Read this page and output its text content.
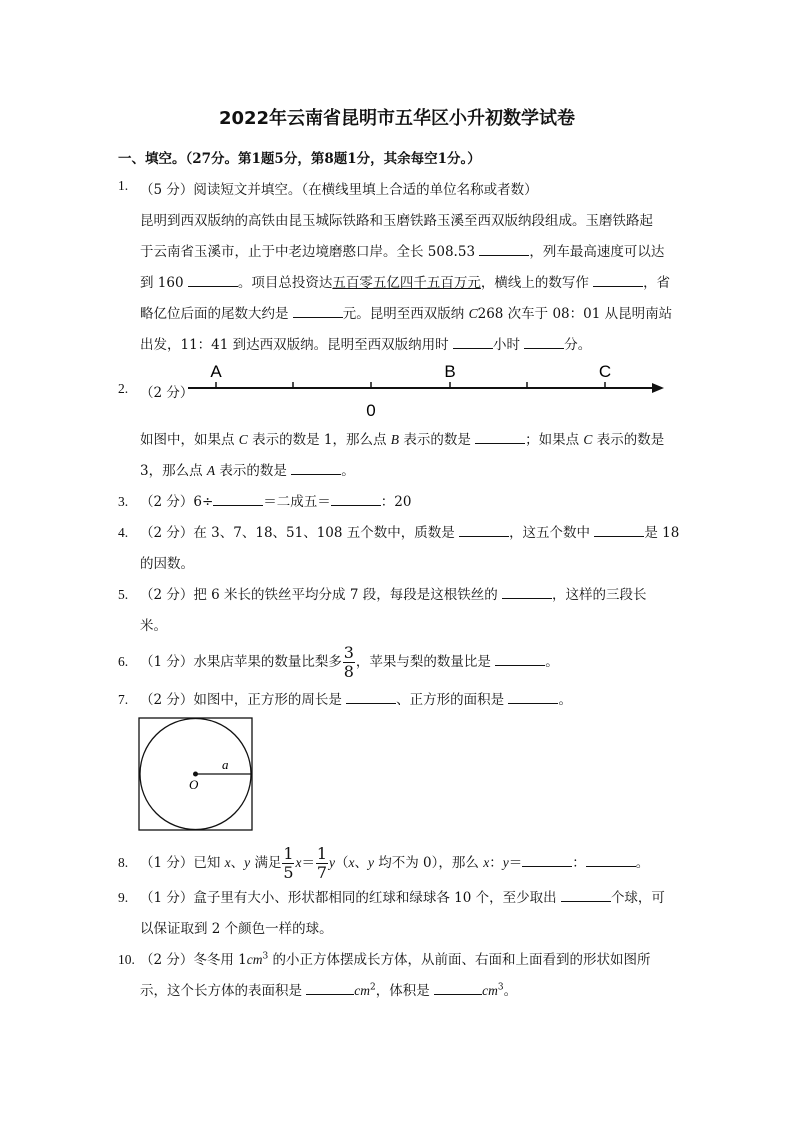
2022年云南省昆明市五华区小升初数学试卷
一、填空。（27分。第1题5分，第8题1分，其余每空1分。）
1. （5 分）阅读短文并填空。（在横线里填上合适的单位名称或者数）
昆明到西双版纳的高铁由昆玉城际铁路和玉磨铁路玉溪至西双版纳段组成。玉磨铁路起
于云南省玉溪市，止于中老边境磨憨口岸。全长 508.53	，列车最高速度可以达
到 160	。项目总投资达五百零五亿四千五百万元，横线上的数写作	，省
略亿位后面的尾数大约是	元。昆明至西双版纳 C268 次车于 08：01 从昆明南站
出发，11：41 到达西双版纳。昆明至西双版纳用时	小时	分。
2. （2 分）
A	B	C
0
如图中，如果点 C 表示的数是 1，那么点 B 表示的数是	；如果点 C 表示的数是
3，那么点 A 表示的数是	。
3. （2 分）6÷	＝二成五＝	：20
4. （2 分）在 3、7、18、51、108 五个数中，质数是	，这五个数中	是 18
的因数。
5. （2 分）把 6 米长的铁丝平均分成 7 段，每段是这根铁丝的	，这样的三段长
米。
6. （1 分）水果店苹果的数量比梨多 $\frac{3}{8}$ ，苹果与梨的数量比是	。
7. （2 分）如图中，正方形的周长是	、正方形的面积是	。
a
O
8. （1 分）已知 x、y 满足 $\frac{1}{5} x= \frac{1}{7} y(x$、y 均不为 0），那么 x：y＝	：	。
9. （1 分）盒子里有大小、形状都相同的红球和绿球各 10 个，至少取出	个球，可
以保证取到 2 个颜色一样的球。
10. （2 分）冬冬用 $1cm^3$ 的小正方体摆成长方体，从前面、右面和上面看到的形状如图所
示，这个长方体的表面积是	$cm^2$，体积是	$cm^3$。
